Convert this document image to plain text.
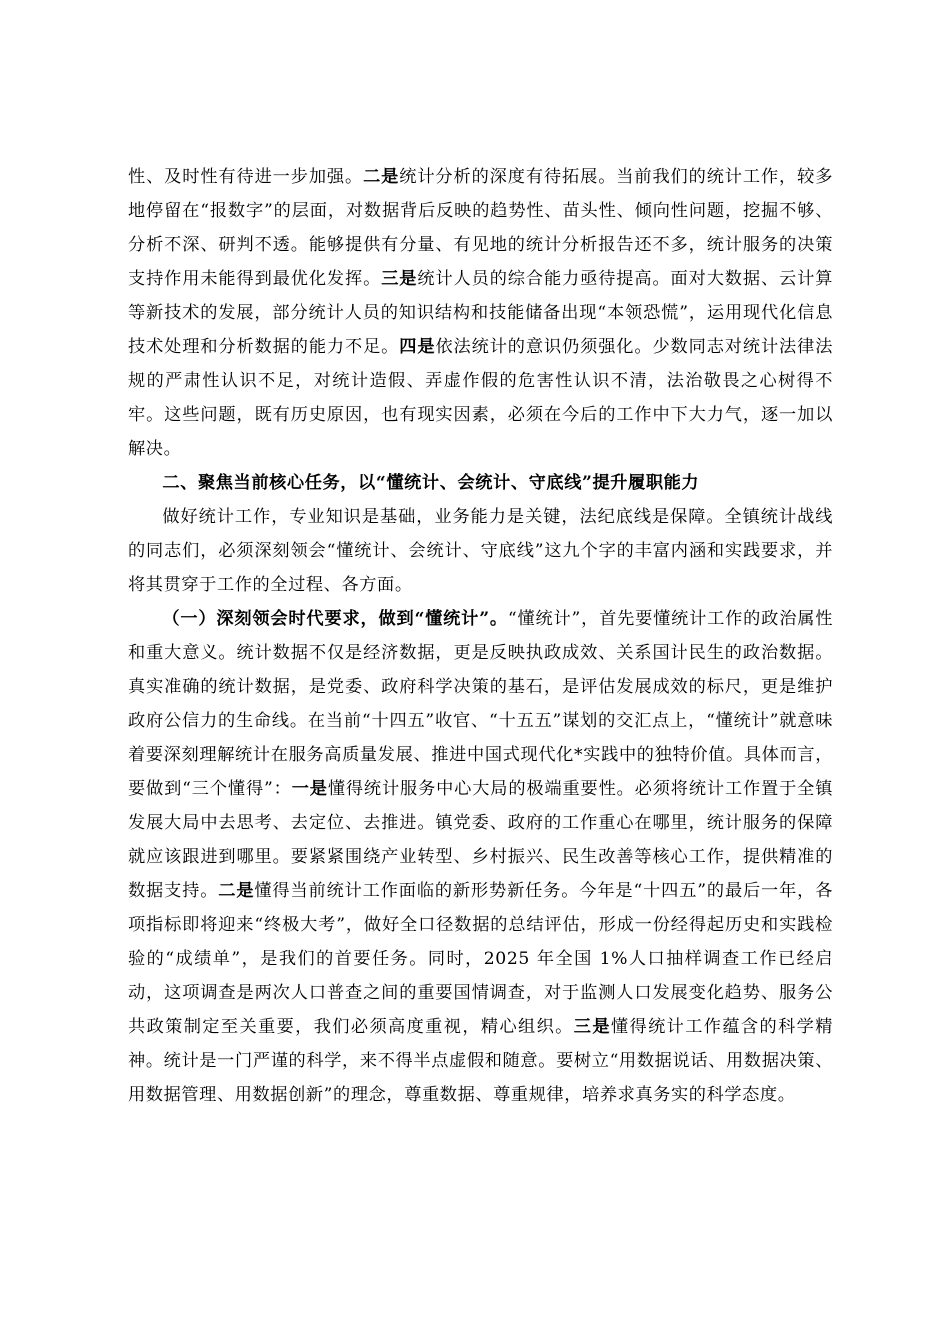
性、及时性有待进一步加强。二是统计分析的深度有待拓展。当前我们的统计工作，较多地停留在“报数字”的层面，对数据背后反映的趋势性、苗头性、倾向性问题，挖掘不够、分析不深、研判不透。能够提供有分量、有见地的统计分析报告还不多，统计服务的决策支持作用未能得到最优化发挥。三是统计人员的综合能力亟待提高。面对大数据、云计算等新技术的发展，部分统计人员的知识结构和技能储备出现“本领恐慌”，运用现代化信息技术处理和分析数据的能力不足。四是依法统计的意识仍须强化。少数同志对统计法律法规的严肃性认识不足，对统计造假、弄虚作假的危害性认识不清，法治敬畏之心树得不牢。这些问题，既有历史原因，也有现实因素，必须在今后的工作中下大力气，逐一加以解决。

二、聚焦当前核心任务，以“懂统计、会统计、守底线”提升履职能力

做好统计工作，专业知识是基础，业务能力是关键，法纪底线是保障。全镇统计战线的同志们，必须深刻领会“懂统计、会统计、守底线”这九个字的丰富内涵和实践要求，并将其贯穿于工作的全过程、各方面。

（一）深刻领会时代要求，做到“懂统计”。“懂统计”，首先要懂统计工作的政治属性和重大意义。统计数据不仅是经济数据，更是反映执政成效、关系国计民生的政治数据。真实准确的统计数据，是党委、政府科学决策的基石，是评估发展成效的标尺，更是维护政府公信力的生命线。在当前“十四五”收官、“十五五”谋划的交汇点上，“懂统计”就意味着要深刻理解统计在服务高质量发展、推进中国式现代化*实践中的独特价值。具体而言，要做到“三个懂得”：一是懂得统计服务中心大局的极端重要性。必须将统计工作置于全镇发展大局中去思考、去定位、去推进。镇党委、政府的工作重心在哪里，统计服务的保障就应该跟进到哪里。要紧紧围绕产业转型、乡村振兴、民生改善等核心工作，提供精准的数据支持。二是懂得当前统计工作面临的新形势新任务。今年是“十四五”的最后一年，各项指标即将迎来“终极大考”，做好全口径数据的总结评估，形成一份经得起历史和实践检验的“成绩单”，是我们的首要任务。同时，2025 年全国 1%人口抽样调查工作已经启动，这项调查是两次人口普查之间的重要国情调查，对于监测人口发展变化趋势、服务公共政策制定至关重要，我们必须高度重视，精心组织。三是懂得统计工作蕴含的科学精神。统计是一门严谨的科学，来不得半点虚假和随意。要树立“用数据说话、用数据决策、用数据管理、用数据创新”的理念，尊重数据、尊重规律，培养求真务实的科学态度。
